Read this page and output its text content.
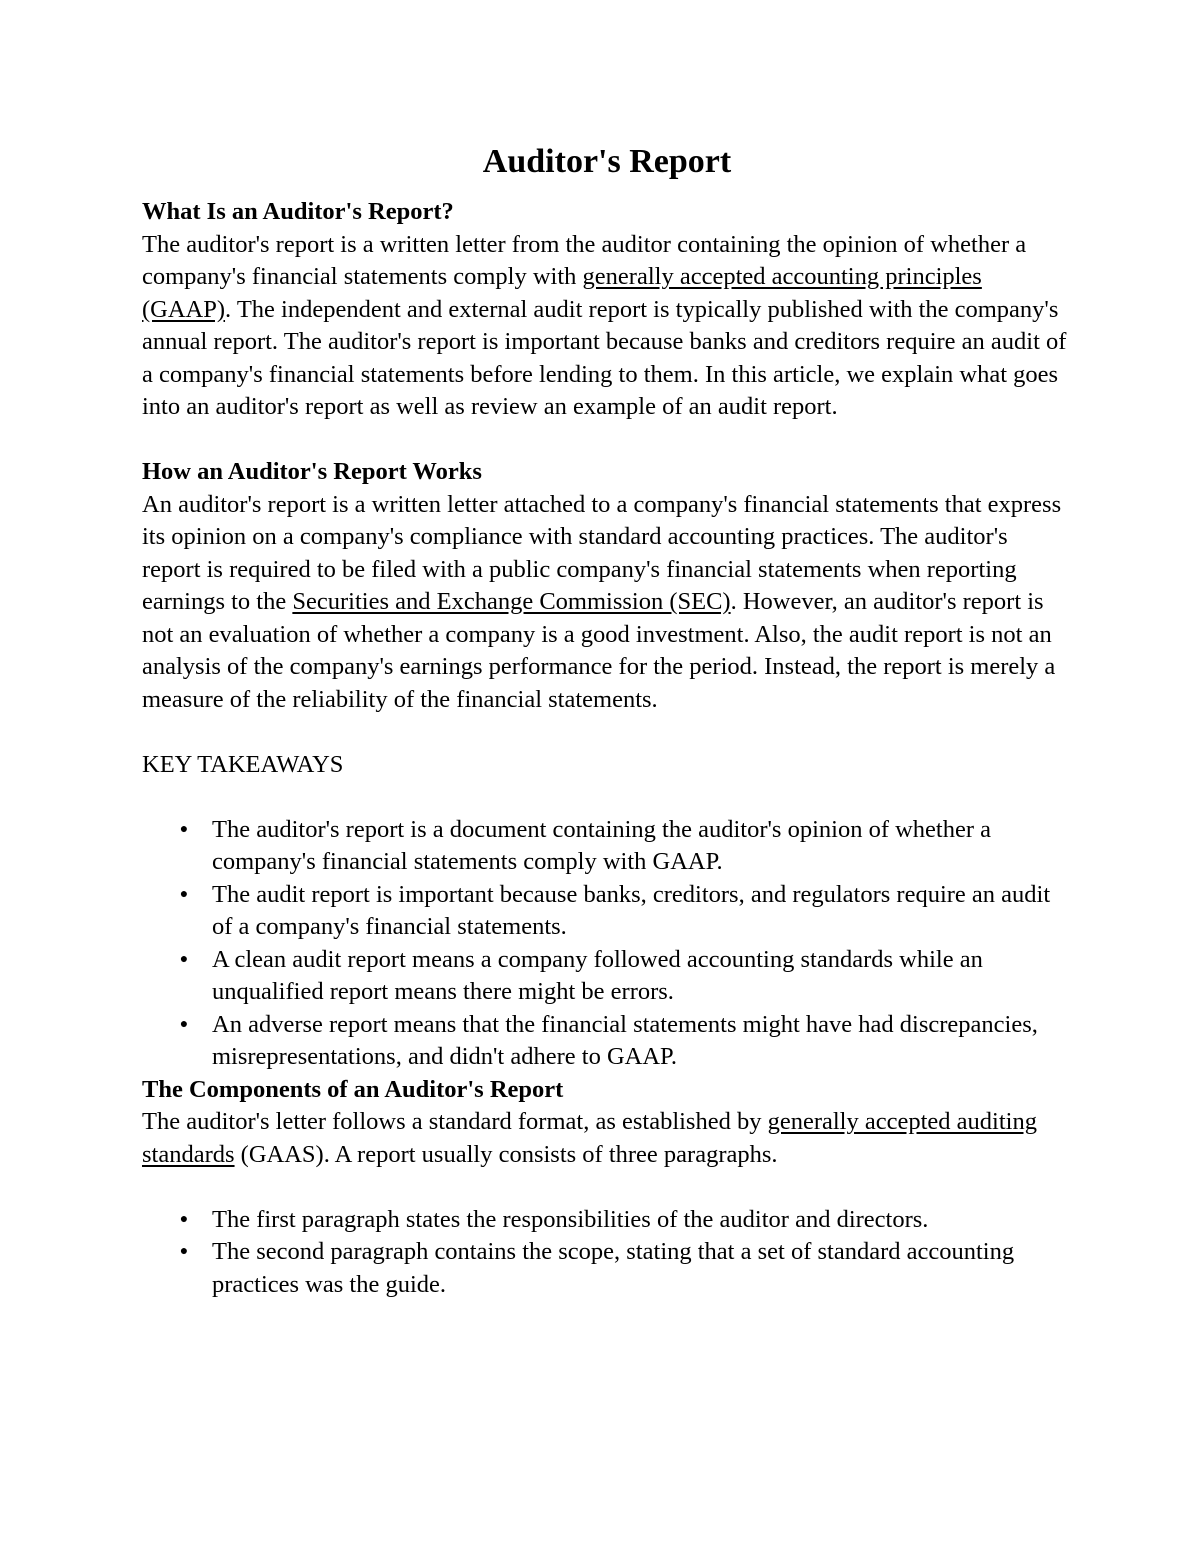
Auditor's Report

What Is an Auditor's Report?

The auditor's report is a written letter from the auditor containing the opinion of whether a company's financial statements comply with generally accepted accounting principles (GAAP). The independent and external audit report is typically published with the company's annual report. The auditor's report is important because banks and creditors require an audit of a company's financial statements before lending to them. In this article, we explain what goes into an auditor's report as well as review an example of an audit report.

How an Auditor's Report Works

An auditor's report is a written letter attached to a company's financial statements that express its opinion on a company's compliance with standard accounting practices. The auditor's report is required to be filed with a public company's financial statements when reporting earnings to the Securities and Exchange Commission (SEC). However, an auditor's report is not an evaluation of whether a company is a good investment. Also, the audit report is not an analysis of the company's earnings performance for the period. Instead, the report is merely a measure of the reliability of the financial statements.

KEY TAKEAWAYS

● The auditor's report is a document containing the auditor's opinion of whether a company's financial statements comply with GAAP.
● The audit report is important because banks, creditors, and regulators require an audit of a company's financial statements.
● A clean audit report means a company followed accounting standards while an unqualified report means there might be errors.
● An adverse report means that the financial statements might have had discrepancies, misrepresentations, and didn't adhere to GAAP.

The Components of an Auditor's Report

The auditor's letter follows a standard format, as established by generally accepted auditing standards (GAAS). A report usually consists of three paragraphs.

● The first paragraph states the responsibilities of the auditor and directors.
● The second paragraph contains the scope, stating that a set of standard accounting practices was the guide.
